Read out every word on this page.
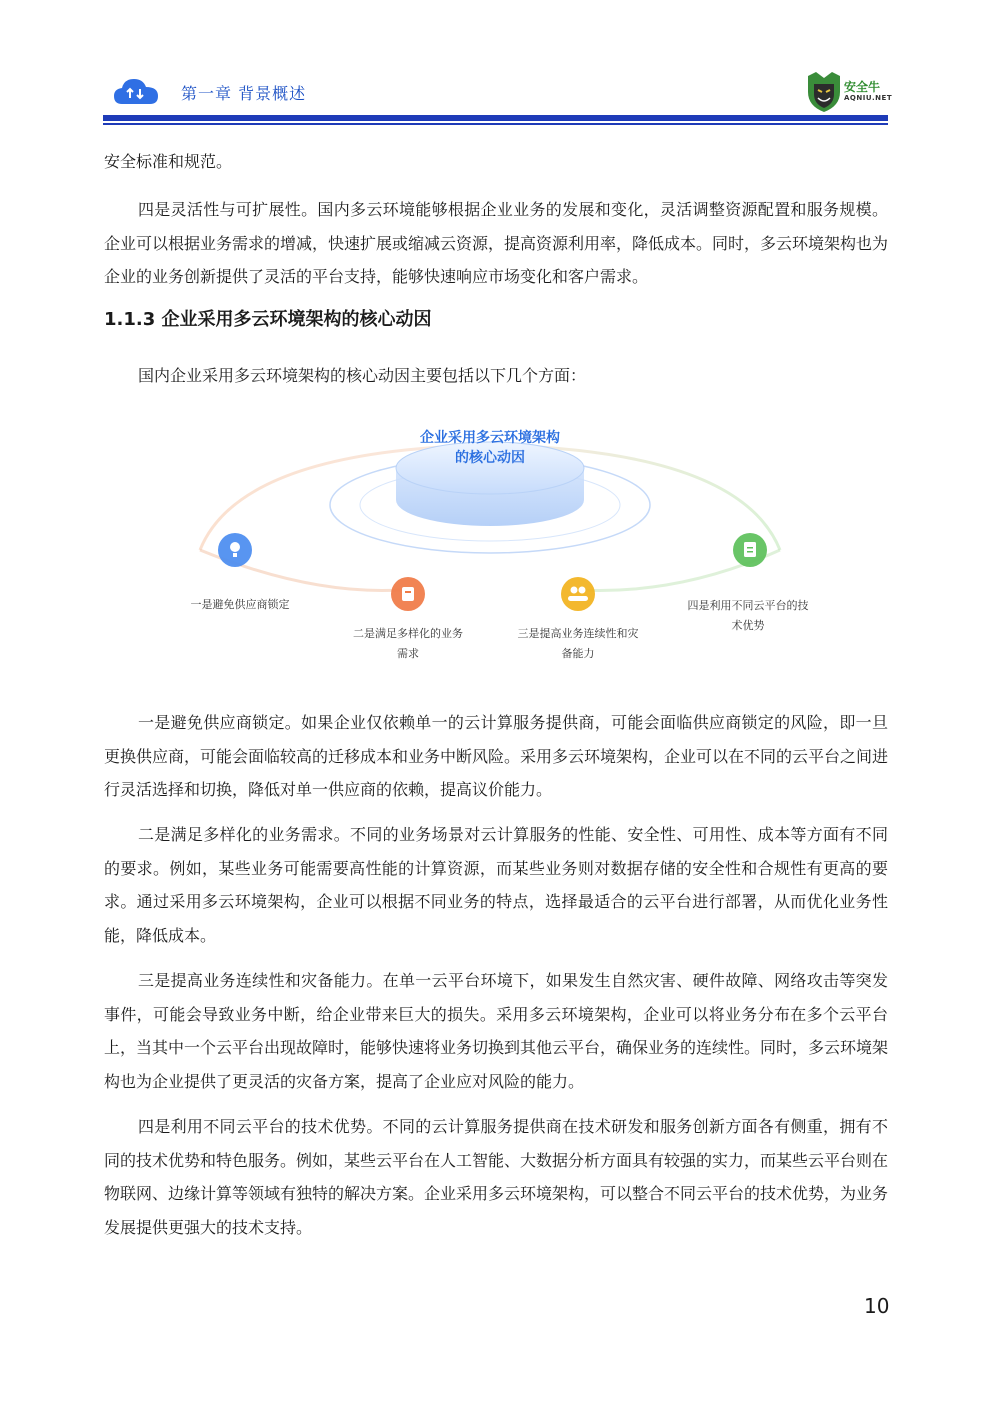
第一章 背景概述	安全牛
AQNIU.NET

安全标准和规范。

四是灵活性与可扩展性。国内多云环境能够根据企业业务的发展和变化，灵活调整资源配置和服务规模。企业可以根据业务需求的增减，快速扩展或缩减云资源，提高资源利用率，降低成本。同时，多云环境架构也为企业的业务创新提供了灵活的平台支持，能够快速响应市场变化和客户需求。

1.1.3 企业采用多云环境架构的核心动因

国内企业采用多云环境架构的核心动因主要包括以下几个方面：

企业采用多云环境架构
的核心动因
一是避免供应商锁定
二是满足多样化的业务
需求
三是提高业务连续性和灾
备能力
四是利用不同云平台的技
术优势

一是避免供应商锁定。如果企业仅依赖单一的云计算服务提供商，可能会面临供应商锁定的风险，即一旦更换供应商，可能会面临较高的迁移成本和业务中断风险。采用多云环境架构，企业可以在不同的云平台之间进行灵活选择和切换，降低对单一供应商的依赖，提高议价能力。

二是满足多样化的业务需求。不同的业务场景对云计算服务的性能、安全性、可用性、成本等方面有不同的要求。例如，某些业务可能需要高性能的计算资源，而某些业务则对数据存储的安全性和合规性有更高的要求。通过采用多云环境架构，企业可以根据不同业务的特点，选择最适合的云平台进行部署，从而优化业务性能，降低成本。

三是提高业务连续性和灾备能力。在单一云平台环境下，如果发生自然灾害、硬件故障、网络攻击等突发事件，可能会导致业务中断，给企业带来巨大的损失。采用多云环境架构，企业可以将业务分布在多个云平台上，当其中一个云平台出现故障时，能够快速将业务切换到其他云平台，确保业务的连续性。同时，多云环境架构也为企业提供了更灵活的灾备方案，提高了企业应对风险的能力。

四是利用不同云平台的技术优势。不同的云计算服务提供商在技术研发和服务创新方面各有侧重，拥有不同的技术优势和特色服务。例如，某些云平台在人工智能、大数据分析方面具有较强的实力，而某些云平台则在物联网、边缘计算等领域有独特的解决方案。企业采用多云环境架构，可以整合不同云平台的技术优势，为业务发展提供更强大的技术支持。

10
